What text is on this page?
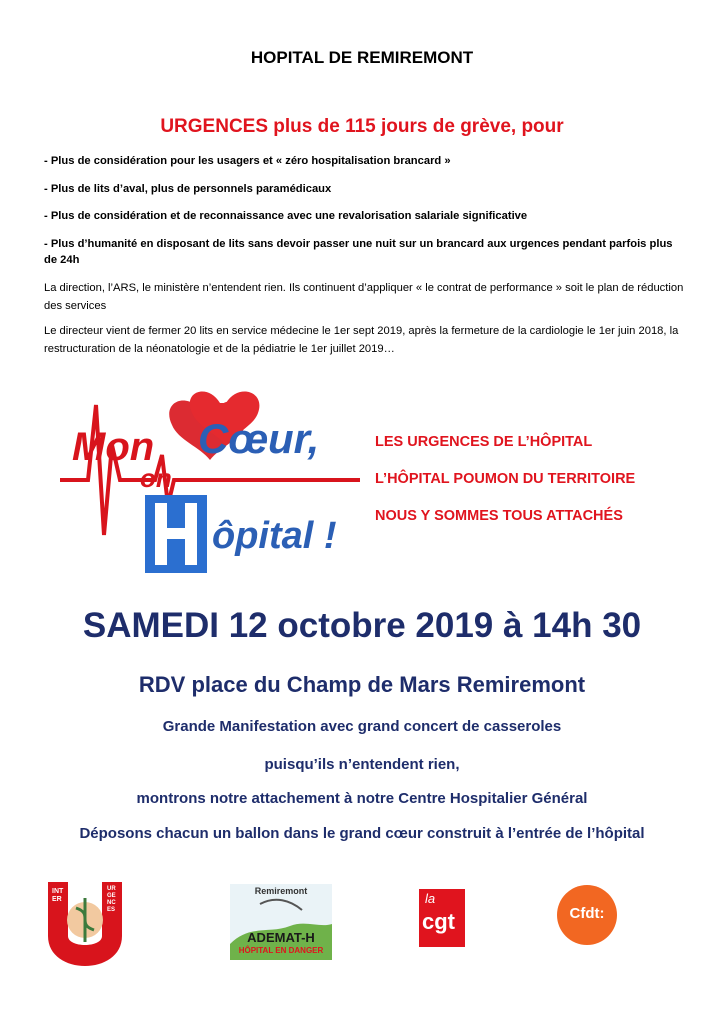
HOPITAL DE REMIREMONT
URGENCES plus de 115 jours de grève, pour
- Plus de considération pour les usagers et « zéro hospitalisation brancard »
- Plus de lits d’aval, plus de personnels paramédicaux
- Plus de considération et de reconnaissance avec une revalorisation salariale significative
- Plus d’humanité en disposant de lits sans devoir passer une nuit sur un brancard aux urgences pendant parfois plus de 24h
La direction, l’ARS, le ministère n’entendent rien. Ils continuent d’appliquer « le contrat de performance » soit le plan de réduction des services
Le directeur vient de fermer 20 lits en service médecine le 1er sept 2019, après la fermeture de la cardiologie le 1er juin 2018, la restructuration de la néonatologie et de la pédiatrie le 1er juillet 2019…
Mon Cœur,
on
ôpital !
LES URGENCES DE L’HÔPITAL
L’HÔPITAL POUMON DU TERRITOIRE
NOUS Y SOMMES TOUS ATTACHÉS
SAMEDI 12 octobre 2019 à 14h 30
RDV place du Champ de Mars Remiremont
Grande Manifestation avec grand concert de casseroles
puisqu’ils n’entendent rien,
montrons notre attachement à notre Centre Hospitalier Général
Déposons chacun un ballon dans le grand cœur construit à l’entrée de l’hôpital
INTER
URGENCES
Remiremont
ADEMAT-H
HÔPITAL EN DANGER
la
cgt	Cfdt:
